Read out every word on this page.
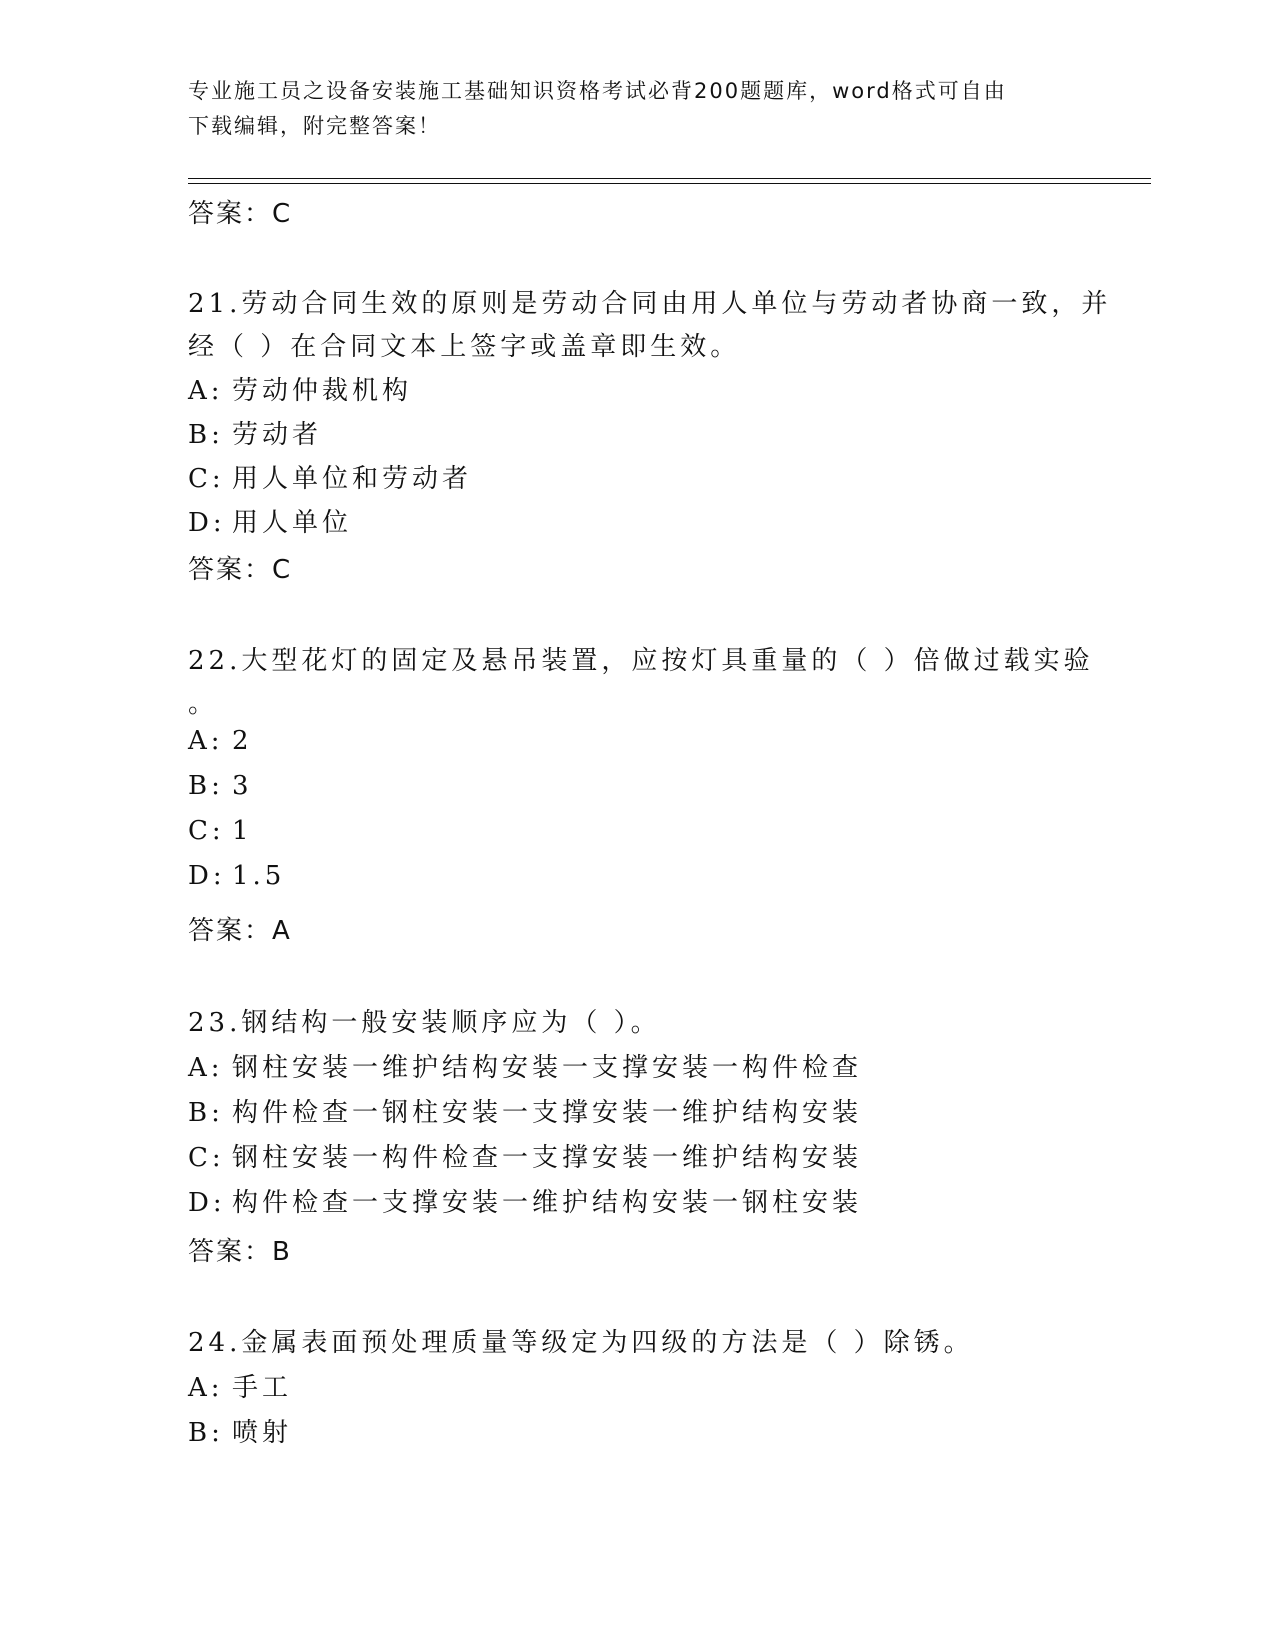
专业施工员之设备安装施工基础知识资格考试必背200题题库，word格式可自由
下载编辑，附完整答案！
答案：C
21.劳动合同生效的原则是劳动合同由用人单位与劳动者协商一致，并
经（ ）在合同文本上签字或盖章即生效。
A: 劳动仲裁机构
B: 劳动者
C: 用人单位和劳动者
D: 用人单位
答案：C
22.大型花灯的固定及悬吊装置，应按灯具重量的（ ）倍做过载实验
。
A: 2
B: 3
C: 1
D: 1.5
答案：A
23.钢结构一般安装顺序应为（ ）。
A: 钢柱安装一维护结构安装一支撑安装一构件检查
B: 构件检查一钢柱安装一支撑安装一维护结构安装
C: 钢柱安装一构件检查一支撑安装一维护结构安装
D: 构件检查一支撑安装一维护结构安装一钢柱安装
答案：B
24.金属表面预处理质量等级定为四级的方法是（ ）除锈。
A: 手工
B: 喷射
